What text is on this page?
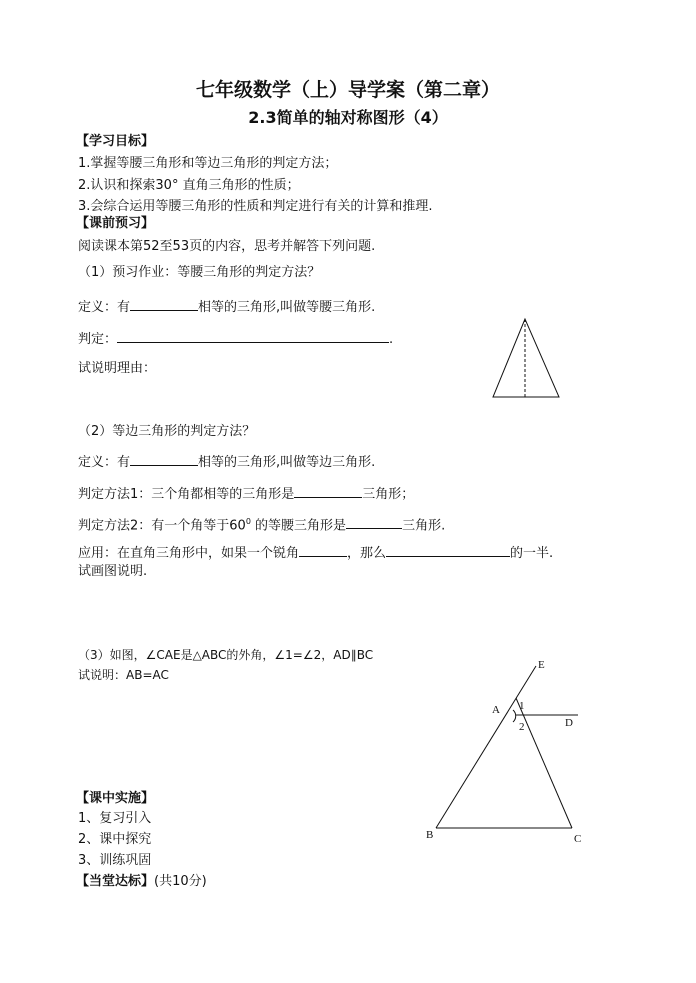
七年级数学（上）导学案（第二章）
2.3简单的轴对称图形（4）
【学习目标】
1.掌握等腰三角形和等边三角形的判定方法；
2.认识和探索30° 直角三角形的性质；
3.会综合运用等腰三角形的性质和判定进行有关的计算和推理.
【课前预习】
阅读课本第52至53页的内容，思考并解答下列问题.
（1）预习作业：等腰三角形的判定方法？
定义：有	相等的三角形,叫做等腰三角形.
判定：	.
试说明理由：
（2）等边三角形的判定方法？
定义：有	相等的三角形,叫做等边三角形.
判定方法1：三个角都相等的三角形是	三角形；
判定方法2：有一个角等于$60^0$ 的等腰三角形是	三角形.
应用：在直角三角形中，如果一个锐角	，那么	的一半.
试画图说明.
（3）如图，∠CAE是△ABC的外角，∠1=∠2，AD∥BC
试说明：AB=AC
E
A 1
2	D
B	C
【课中实施】
1、复习引入
2、课中探究
3、训练巩固
【当堂达标】(共10分)
